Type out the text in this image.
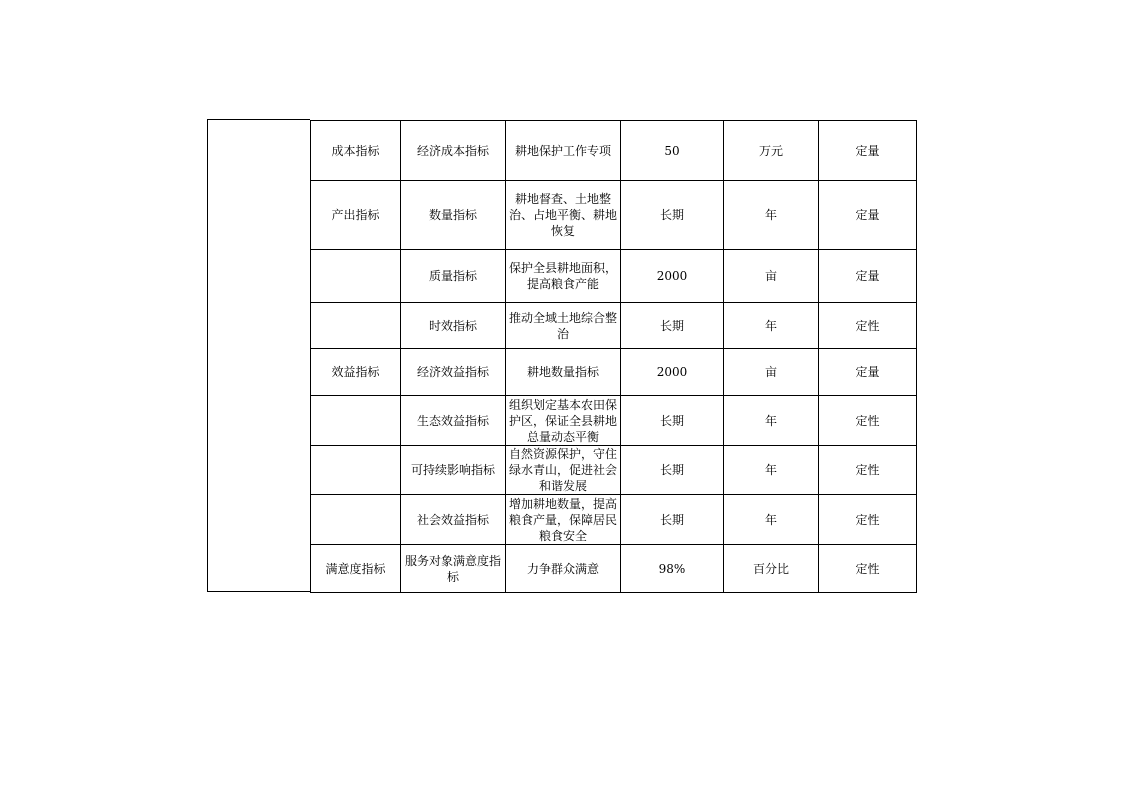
成本指标	经济成本指标	耕地保护工作专项	50	万元	定量
产出指标	数量指标	耕地督查、土地整治、占地平衡、耕地恢复	长期	年	定量
	质量指标	保护全县耕地面积，提高粮食产能	2000	亩	定量
	时效指标	推动全域土地综合整治	长期	年	定性
效益指标	经济效益指标	耕地数量指标	2000	亩	定量
	生态效益指标	组织划定基本农田保护区，保证全县耕地总量动态平衡	长期	年	定性
	可持续影响指标	自然资源保护，守住绿水青山，促进社会和谐发展	长期	年	定性
	社会效益指标	增加耕地数量，提高粮食产量，保障居民粮食安全	长期	年	定性
满意度指标	服务对象满意度指标	力争群众满意	98%	百分比	定性
